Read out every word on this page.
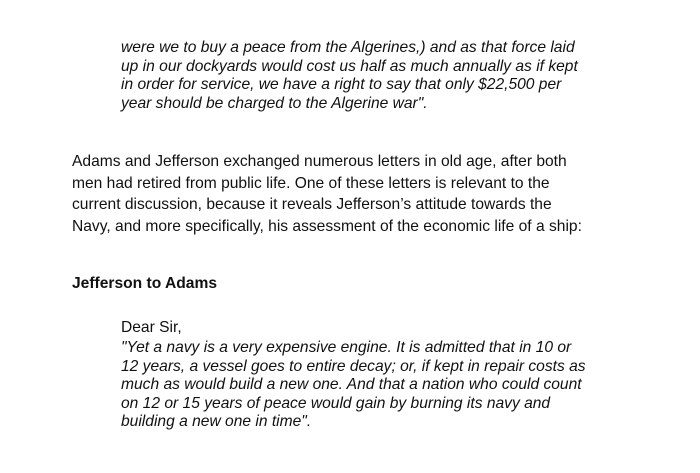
were we to buy a peace from the Algerines,) and as that force laid
up in our dockyards would cost us half as much annually as if kept
in order for service, we have a right to say that only $22,500 per
year should be charged to the Algerine war".
Adams and Jefferson exchanged numerous letters in old age, after both
men had retired from public life. One of these letters is relevant to the
current discussion, because it reveals Jefferson’s attitude towards the
Navy, and more specifically, his assessment of the economic life of a ship:
Jefferson to Adams
Dear Sir,
"Yet a navy is a very expensive engine. It is admitted that in 10 or
12 years, a vessel goes to entire decay; or, if kept in repair costs as
much as would build a new one. And that a nation who could count
on 12 or 15 years of peace would gain by burning its navy and
building a new one in time".
